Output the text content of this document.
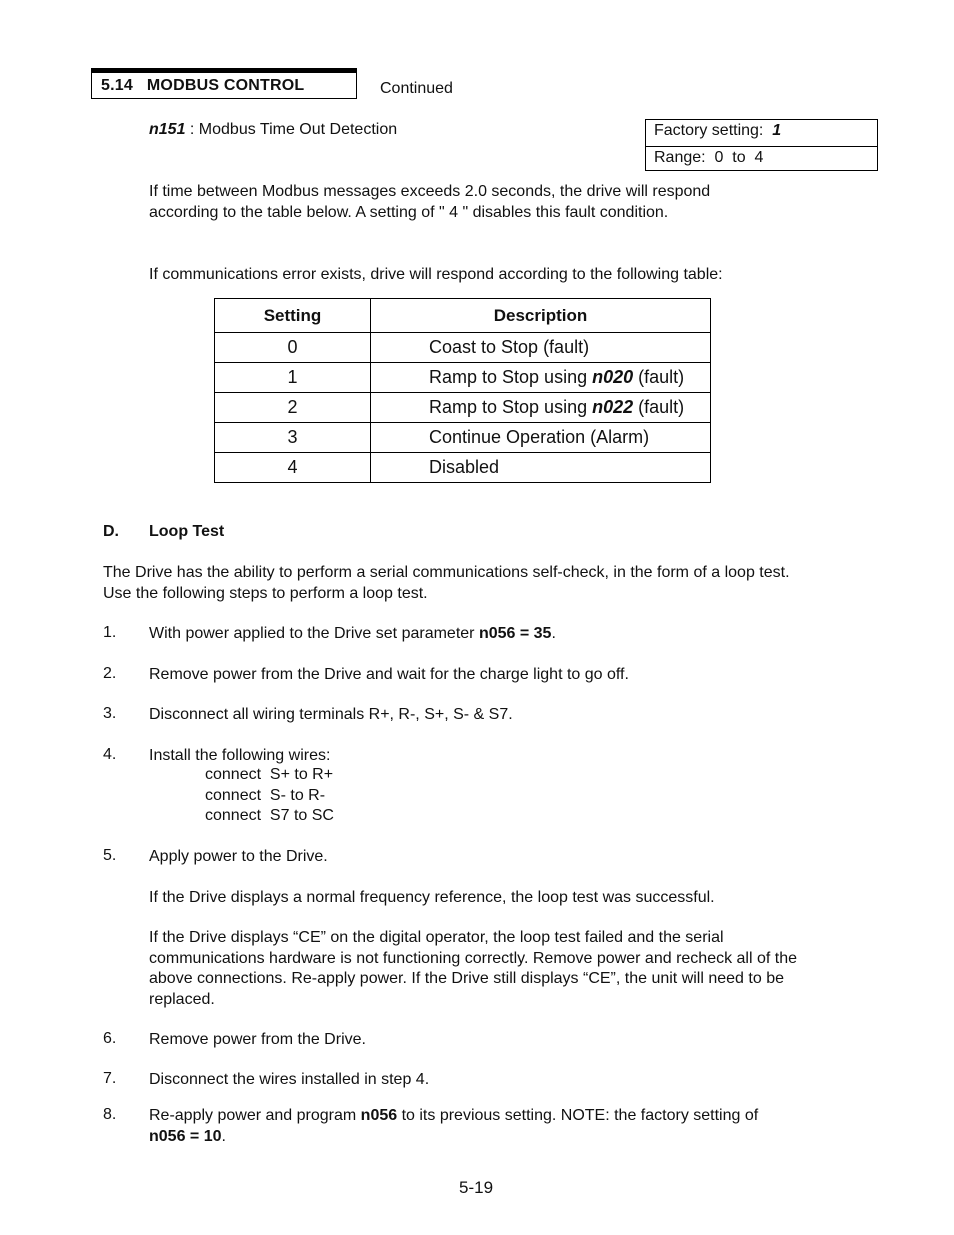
5.14 MODBUS CONTROL	Continued
n151 : Modbus Time Out Detection	Factory setting:  1
Range:  0  to  4
If time between Modbus messages exceeds 2.0 seconds, the drive will respond
according to the table below. A setting of " 4 " disables this fault condition.
If communications error exists, drive will respond according to the following table:
Setting	Description
0	Coast to Stop (fault)
1	Ramp to Stop using n020 (fault)
2	Ramp to Stop using n022 (fault)
3	Continue Operation (Alarm)
4	Disabled
D. Loop Test
The Drive has the ability to perform a serial communications self-check, in the form of a loop test.
Use the following steps to perform a loop test.
1. With power applied to the Drive set parameter n056 = 35.
2. Remove power from the Drive and wait for the charge light to go off.
3. Disconnect all wiring terminals R+, R-, S+, S- & S7.
4. Install the following wires:
connect  S+ to R+
connect  S- to R-
connect  S7 to SC
5. Apply power to the Drive.
If the Drive displays a normal frequency reference, the loop test was successful.
If the Drive displays “CE” on the digital operator, the loop test failed and the serial
communications hardware is not functioning correctly. Remove power and recheck all of the
above connections. Re-apply power. If the Drive still displays “CE”, the unit will need to be
replaced.
6. Remove power from the Drive.
7. Disconnect the wires installed in step 4.
8. Re-apply power and program n056 to its previous setting. NOTE: the factory setting of
n056 = 10.
5-19
